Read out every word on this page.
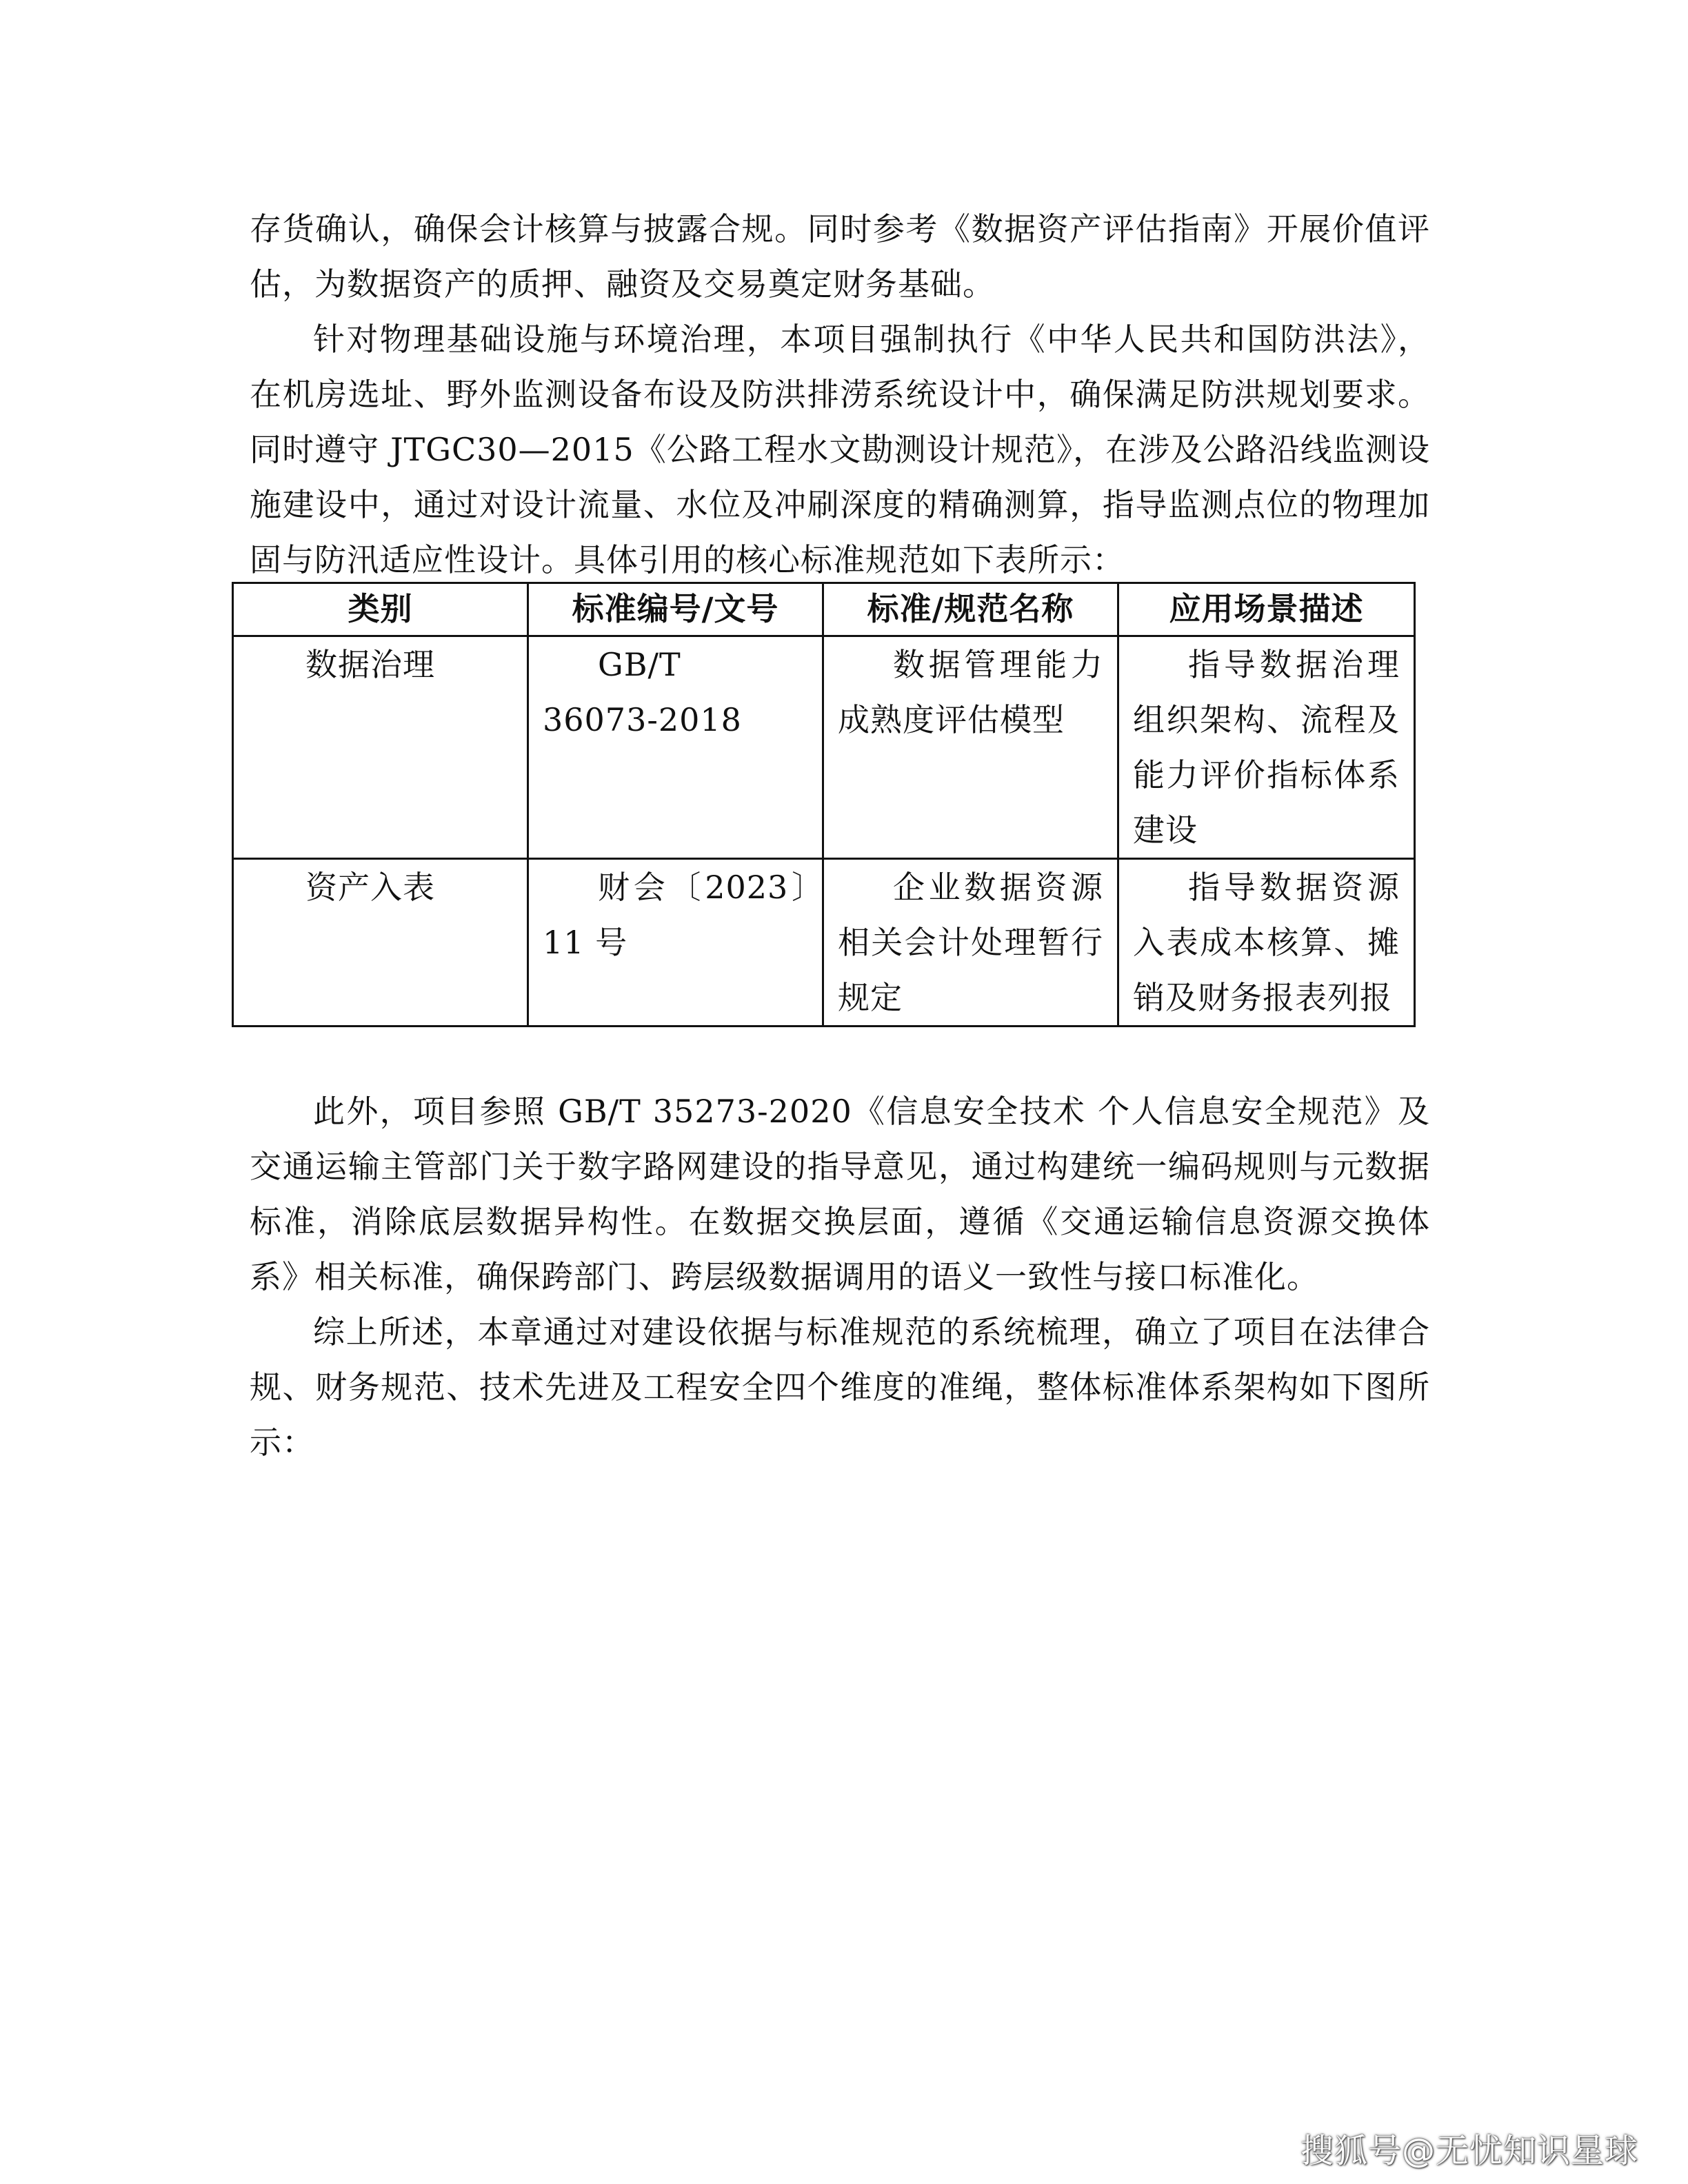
存货确认，确保会计核算与披露合规。同时参考《数据资产评估指南》开展价值评估，为数据资产的质押、融资及交易奠定财务基础。

针对物理基础设施与环境治理，本项目强制执行《中华人民共和国防洪法》，在机房选址、野外监测设备布设及防洪排涝系统设计中，确保满足防洪规划要求。同时遵守 JTGC30—2015《公路工程水文勘测设计规范》，在涉及公路沿线监测设施建设中，通过对设计流量、水位及冲刷深度的精确测算，指导监测点位的物理加固与防汛适应性设计。具体引用的核心标准规范如下表所示：

类别	标准编号/文号	标准/规范名称	应用场景描述
数据治理	GB/T　36073-2018	数据管理能力成熟度评估模型	指导数据治理组织架构、流程及能力评价指标体系建设
资产入表	财会〔2023〕11 号	企业数据资源相关会计处理暂行规定	指导数据资源入表成本核算、摊销及财务报表列报

此外，项目参照 GB/T 35273-2020《信息安全技术 个人信息安全规范》及交通运输主管部门关于数字路网建设的指导意见，通过构建统一编码规则与元数据标准，消除底层数据异构性。在数据交换层面，遵循《交通运输信息资源交换体系》相关标准，确保跨部门、跨层级数据调用的语义一致性与接口标准化。

综上所述，本章通过对建设依据与标准规范的系统梳理，确立了项目在法律合规、财务规范、技术先进及工程安全四个维度的准绳，整体标准体系架构如下图所示：

搜狐号@无忧知识星球
